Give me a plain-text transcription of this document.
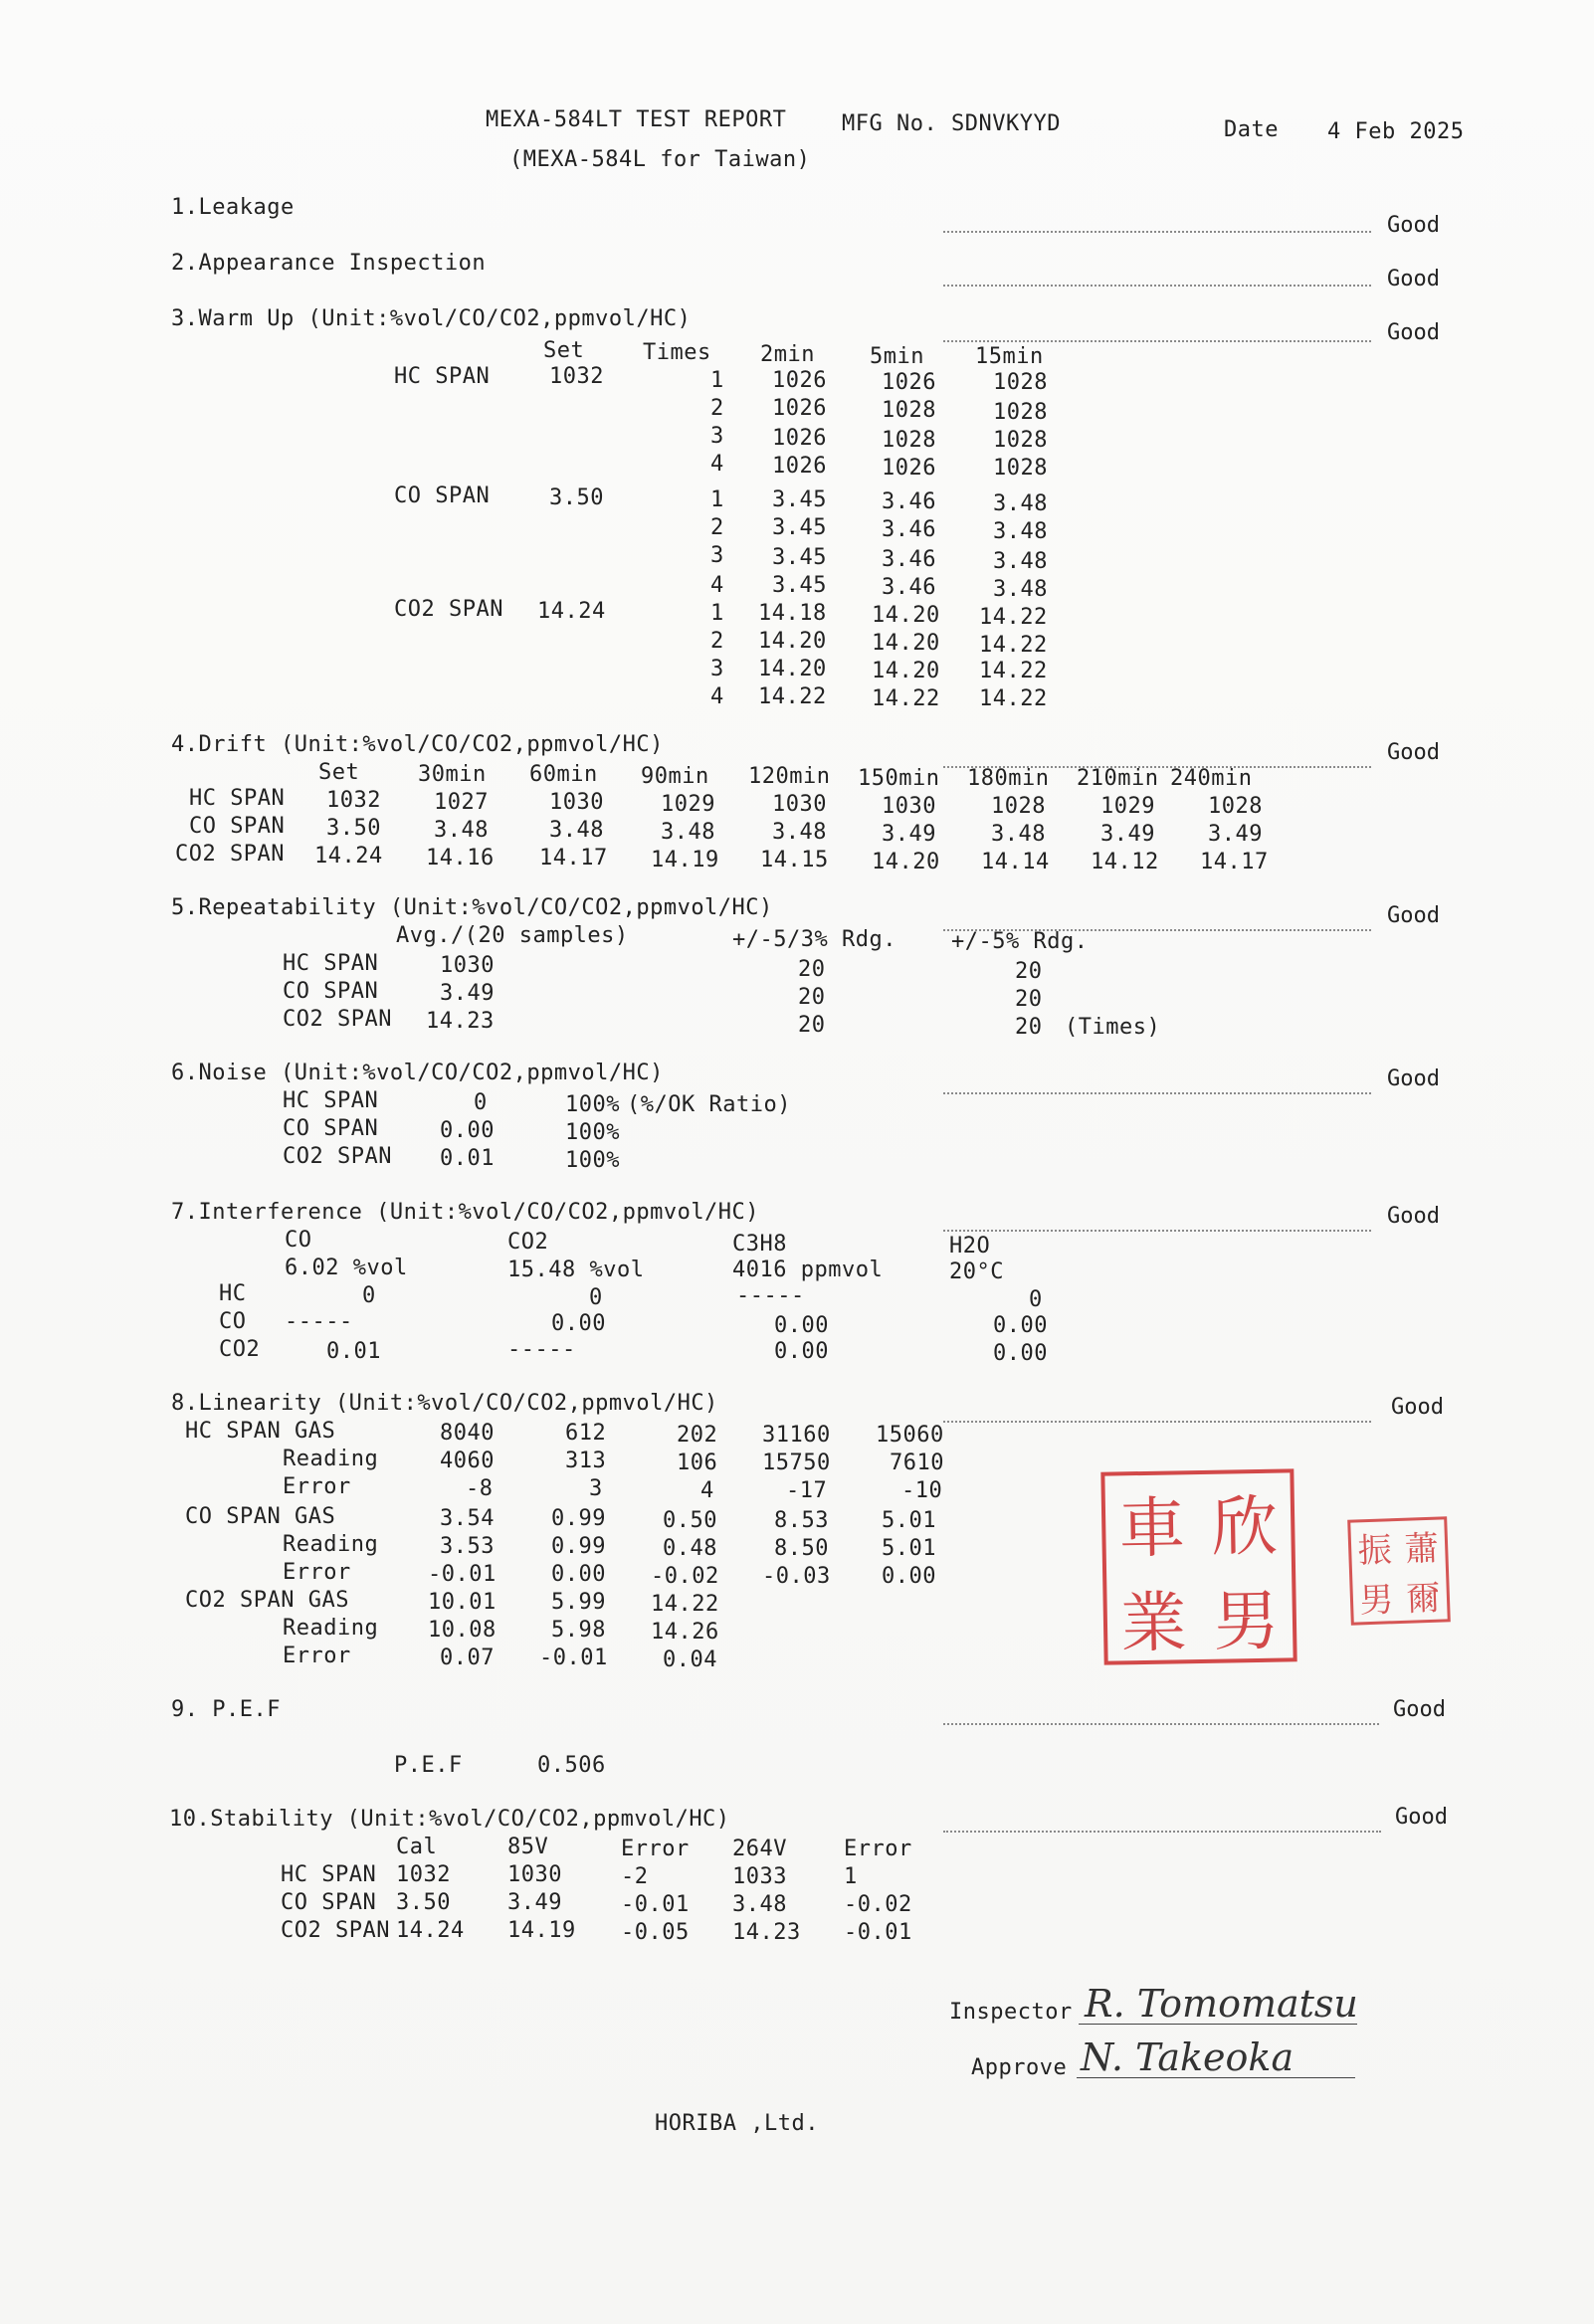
MEXA-584LT TEST REPORT
(MEXA-584L for Taiwan)
MFG No. SDNVKYYD	Date 4 Feb 2025
1.Leakage
Good
2.Appearance Inspection
Good
3.Warm Up (Unit:%vol/CO/CO2,ppmvol/HC)
Good
Set	Times 2min	5min 15min
HC SPAN	1032	1 1026	1026	1028
2 1026	1028	1028
3 1026	1028	1028
4 1026	1026	1028
CO SPAN	3.50	1 3.45	3.46	3.48
2 3.45	3.46	3.48
3 3.45	3.46	3.48
4 3.45	3.46	3.48
CO2 SPAN 14.24	1 14.18 14.20 14.22
2 14.20 14.20 14.22
3 14.20 14.20 14.22
4 14.22 14.22 14.22
4.Drift (Unit:%vol/CO/CO2,ppmvol/HC)	Good
Set	30min 60min 90min 120min 150min 180min 210min 240min
HC SPAN 1032 1027	1030	1029	1030	1030	1028	1029 1028
CO SPAN 3.50 3.48	3.48	3.48	3.48	3.49	3.48	3.49 3.49
CO2 SPAN 14.24 14.16 14.17 14.19 14.15 14.20 14.14 14.12 14.17
5.Repeatability (Unit:%vol/CO/CO2,ppmvol/HC)	Good
Avg./(20 samples)	+/-5/3% Rdg.	+/-5% Rdg.
HC SPAN	1030	20	20
CO SPAN	3.49	20	20
CO2 SPAN 14.23	20	20 (Times)
6.Noise (Unit:%vol/CO/CO2,ppmvol/HC)	Good
HC SPAN	0	100% (%/OK Ratio)
CO SPAN	0.00	100%
CO2 SPAN 0.01	100%
7.Interference (Unit:%vol/CO/CO2,ppmvol/HC)	Good
CO	CO2	C3H8	H2O
6.02 %vol	15.48 %vol	4016 ppmvol	20°C
HC	0	0	-----	0
CO -----	0.00	0.00	0.00
CO2	0.01	-----	0.00	0.00
8.Linearity (Unit:%vol/CO/CO2,ppmvol/HC)	Good
HC SPAN GAS	8040	612	202 31160 15060
Reading	4060	313	106 15750	7610
Error	-8	3	4	-17	-10
CO SPAN GAS	3.54	0.99	0.50	8.53 5.01
Reading	3.53	0.99	0.48	8.50 5.01
Error	-0.01	0.00 -0.02 -0.03 0.00
CO2 SPAN GAS	10.01	5.99 14.22
Reading 10.08	5.98 14.26
Error	0.07 -0.01	0.04
車 欣
業 男
振 蕭
男 爾
9. P.E.F	Good
P.E.F	0.506
10.Stability (Unit:%vol/CO/CO2,ppmvol/HC)	Good
Cal	85V	Error 264V	Error
HC SPAN 1032	1030	-2	1033	1
CO SPAN 3.50	3.49	-0.01 3.48	-0.02
CO2 SPAN 14.24 14.19 -0.05 14.23 -0.01
Inspector R. Tomomatsu
Approve N. Takeoka
HORIBA ,Ltd.
